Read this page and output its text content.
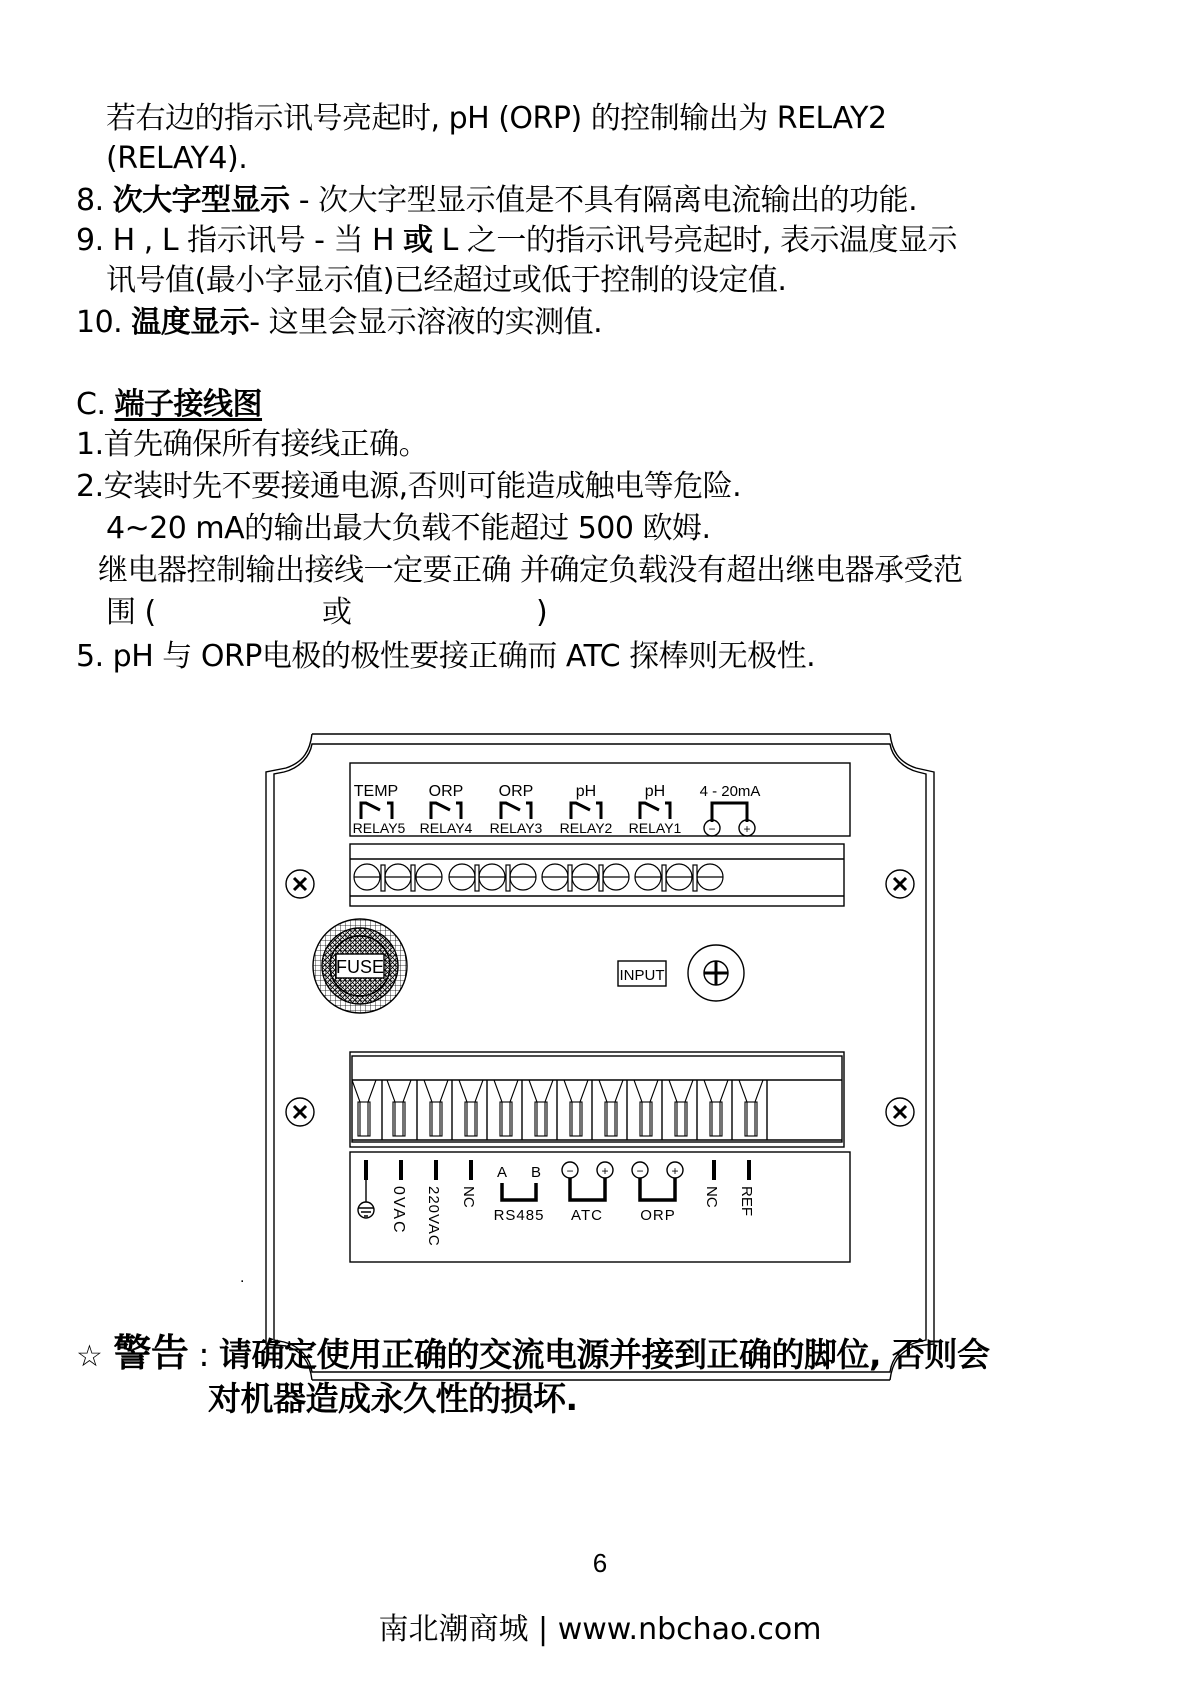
若右边的指示讯号亮起时, pH (ORP) 的控制输出为 RELAY2
(RELAY4).
8. 次大字型显示 - 次大字型显示值是不具有隔离电流输出的功能.
9. H , L 指示讯号 - 当 H 或 L 之一的指示讯号亮起时, 表示温度显示
讯号值(最小字显示值)已经超过或低于控制的设定值.
10. 温度显示- 这里会显示溶液的实测值.
C. 端子接线图
1.首先确保所有接线正确。
2.安装时先不要接通电源,否则可能造成触电等危险.
4~20 mA的输出最大负载不能超过 500 欧姆.
继电器控制输出接线一定要正确 并确定负载没有超出继电器承受范
围 (	或	)
5. pH 与 ORP电极的极性要接正确而 ATC 探棒则无极性.
TEMP
RELAY5
ORP
RELAY4
ORP
RELAY3
pH
RELAY2
pH
RELAY1
4 - 20mA
− +
FUSE	INPUT
0VAC 220VAC NC	NC REF
A B
RS485
− +
ATC
− +
ORP
.
☆ 警告 : 请确定使用正确的交流电源并接到正确的脚位, 否则会
对机器造成永久性的损坏.
6
南北潮商城 | www.nbchao.com
